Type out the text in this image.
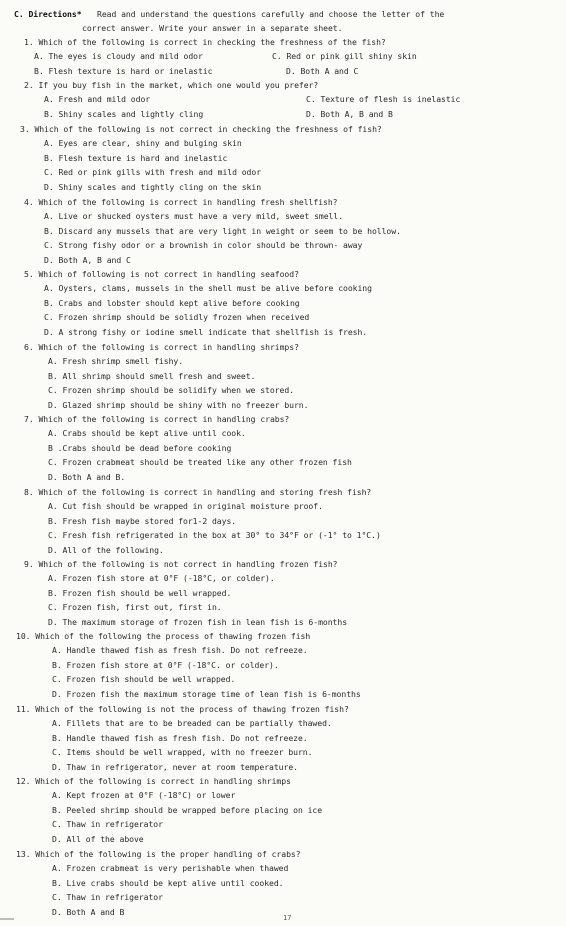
C. Directions* Read and understand the questions carefully and choose the letter of the
correct answer. Write your answer in a separate sheet.
1. Which of the following is correct in checking the freshness of the fish?
A. The eyes is cloudy and mild odor	C. Red or pink gill shiny skin
B. Flesh texture is hard or inelastic	D. Both A and C
2. If you buy fish in the market, which one would you prefer?
A. Fresh and mild odor	C. Texture of flesh is inelastic
B. Shiny scales and lightly cling	D. Both A, B and B
3. Which of the following is not correct in checking the freshness of fish?
A. Eyes are clear, shiny and bulging skin
B. Flesh texture is hard and inelastic
C. Red or pink gills with fresh and mild odor
D. Shiny scales and tightly cling on the skin
4. Which of the following is correct in handling fresh shellfish?
A. Live or shucked oysters must have a very mild, sweet smell.
B. Discard any mussels that are very light in weight or seem to be hollow.
C. Strong fishy odor or a brownish in color should be thrown- away
D. Both A, B and C
5. Which of following is not correct in handling seafood?
A. Oysters, clams, mussels in the shell must be alive before cooking
B. Crabs and lobster should kept alive before cooking
C. Frozen shrimp should be solidly frozen when received
D. A strong fishy or iodine smell indicate that shellfish is fresh.
6. Which of the following is correct in handling shrimps?
A. Fresh shrimp smell fishy.
B. All shrimp should smell fresh and sweet.
C. Frozen shrimp should be solidify when we stored.
D. Glazed shrimp should be shiny with no freezer burn.
7. Which of the following is correct in handling crabs?
A. Crabs should be kept alive until cook.
B .Crabs should be dead before cooking
C. Frozen crabmeat should be treated like any other frozen fish
D. Both A and B.
8. Which of the following is correct in handling and storing fresh fish?
A. Cut fish should be wrapped in original moisture proof.
B. Fresh fish maybe stored for1-2 days.
C. Fresh fish refrigerated in the box at 30° to 34°F or (-1° to 1°C.)
D. All of the following.
9. Which of the following is not correct in handling frozen fish?
A. Frozen fish store at 0°F (-18°C, or colder).
B. Frozen fish should be well wrapped.
C. Frozen fish, first out, first in.
D. The maximum storage of frozen fish in lean fish is 6-months
10. Which of the following the process of thawing frozen fish
A. Handle thawed fish as fresh fish. Do not refreeze.
B. Frozen fish store at 0°F (-18°C. or colder).
C. Frozen fish should be well wrapped.
D. Frozen fish the maximum storage time of lean fish is 6-months
11. Which of the following is not the process of thawing frozen fish?
A. Fillets that are to be breaded can be partially thawed.
B. Handle thawed fish as fresh fish. Do not refreeze.
C. Items should be well wrapped, with no freezer burn.
D. Thaw in refrigerator, never at room temperature.
12. Which of the following is correct in handling shrimps
A. Kept frozen at 0°F (-18°C) or lower
B. Peeled shrimp should be wrapped before placing on ice
C. Thaw in refrigerator
D. All of the above
13. Which of the following is the proper handling of crabs?
A. Frozen crabmeat is very perishable when thawed
B. Live crabs should be kept alive until cooked.
C. Thaw in refrigerator
D. Both A and B
17
